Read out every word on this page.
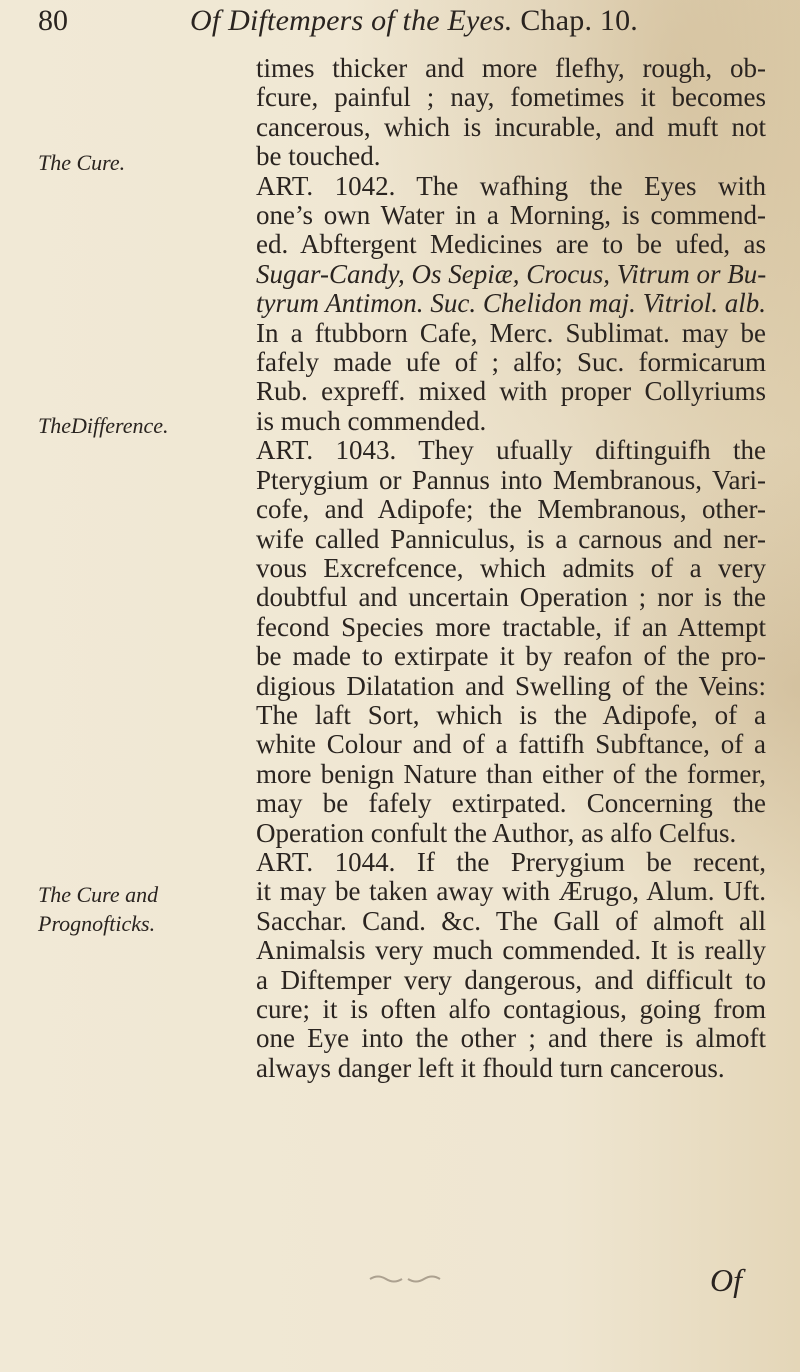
80	Of Diftempers of the Eyes. Chap. 10.
The Cure.
TheDifference.
The Cure and
Prognofticks.

times thicker and more flefhy, rough, ob-
fcure, painful ; nay, fometimes it becomes
cancerous, which is incurable, and muft not
be touched.

ART. 1042. The wafhing the Eyes with
one’s own Water in a Morning, is commend-
ed. Abftergent Medicines are to be ufed, as
Sugar-Candy, Os Sepiæ, Crocus, Vitrum or Bu-
tyrum Antimon. Suc. Chelidon maj. Vitriol. alb.
In a ftubborn Cafe, Merc. Sublimat. may be
fafely made ufe of ; alfo; Suc. formicarum
Rub. expreff. mixed with proper Collyriums
is much commended.

ART. 1043. They ufually diftinguifh the
Pterygium or Pannus into Membranous, Vari-
cofe, and Adipofe; the Membranous, other-
wife called Panniculus, is a carnous and ner-
vous Excrefcence, which admits of a very
doubtful and uncertain Operation ; nor is the
fecond Species more tractable, if an Attempt
be made to extirpate it by reafon of the pro-
digious Dilatation and Swelling of the Veins:
The laft Sort, which is the Adipofe, of a
white Colour and of a fattifh Subftance, of a
more benign Nature than either of the former,
may be fafely extirpated. Concerning the
Operation confult the Author, as alfo Celfus.

ART. 1044. If the Prerygium be recent,
it may be taken away with Ærugo, Alum. Uft.
Sacchar. Cand. &c. The Gall of almoft all
Animalsis very much commended. It is really
a Diftemper very dangerous, and difficult to
cure; it is often alfo contagious, going from
one Eye into the other ; and there is almoft
always danger left it fhould turn cancerous.

Of
